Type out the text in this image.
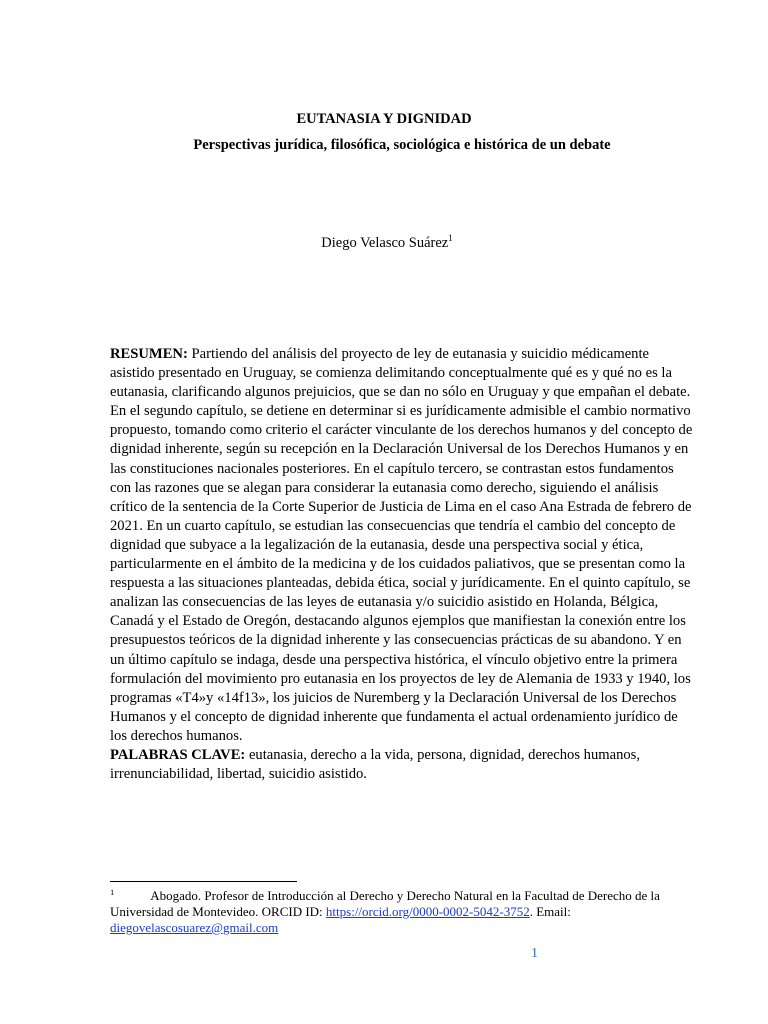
EUTANASIA Y DIGNIDAD
Perspectivas jurídica, filosófica, sociológica e histórica de un debate
Diego Velasco Suárez$^1$

RESUMEN: Partiendo del análisis del proyecto de ley de eutanasia y suicidio médicamente asistido presentado en Uruguay, se comienza delimitando conceptualmente qué es y qué no es la eutanasia, clarificando algunos prejuicios, que se dan no sólo en Uruguay y que empañan el debate. En el segundo capítulo, se detiene en determinar si es jurídicamente admisible el cambio normativo propuesto, tomando como criterio el carácter vinculante de los derechos humanos y del concepto de dignidad inherente, según su recepción en la Declaración Universal de los Derechos Humanos y en las constituciones nacionales posteriores. En el capítulo tercero, se contrastan estos fundamentos con las razones que se alegan para considerar la eutanasia como derecho, siguiendo el análisis crítico de la sentencia de la Corte Superior de Justicia de Lima en el caso Ana Estrada de febrero de 2021. En un cuarto capítulo, se estudian las consecuencias que tendría el cambio del concepto de dignidad que subyace a la legalización de la eutanasia, desde una perspectiva social y ética, particularmente en el ámbito de la medicina y de los cuidados paliativos, que se presentan como la respuesta a las situaciones planteadas, debida ética, social y jurídicamente. En el quinto capítulo, se analizan las consecuencias de las leyes de eutanasia y/o suicidio asistido en Holanda, Bélgica, Canadá y el Estado de Oregón, destacando algunos ejemplos que manifiestan la conexión entre los presupuestos teóricos de la dignidad inherente y las consecuencias prácticas de su abandono. Y en un último capítulo se indaga, desde una perspectiva histórica, el vínculo objetivo entre la primera formulación del movimiento pro eutanasia en los proyectos de ley de Alemania de 1933 y 1940, los programas «T4»y «14f13», los juicios de Nuremberg y la Declaración Universal de los Derechos Humanos y el concepto de dignidad inherente que fundamenta el actual ordenamiento jurídico de los derechos humanos.

PALABRAS CLAVE: eutanasia, derecho a la vida, persona, dignidad, derechos humanos, irrenunciabilidad, libertad, suicidio asistido.

$^1$	Abogado. Profesor de Introducción al Derecho y Derecho Natural en la Facultad de Derecho de la Universidad de Montevideo. ORCID ID: https://orcid.org/0000-0002-5042-3752. Email: diegovelascosuarez@gmail.com
1
